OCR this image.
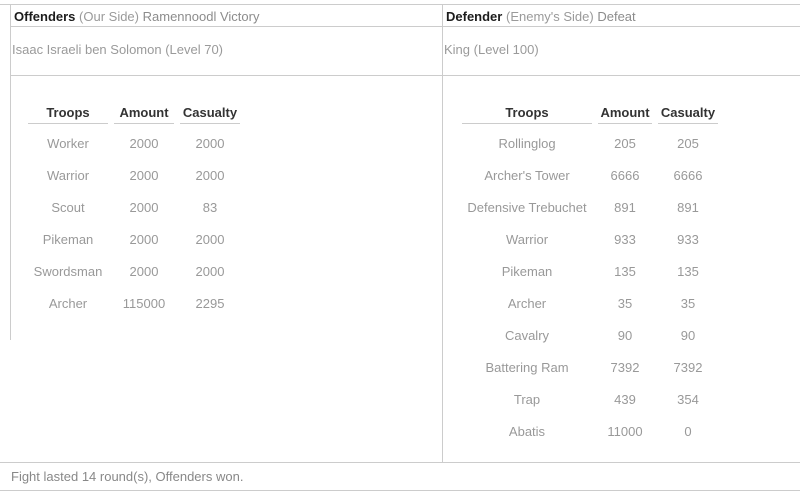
Offenders (Our Side) Ramennoodl Victory
Isaac Israeli ben Solomon (Level 70)
Troops	Amount	Casualty
Worker	2000	2000
Warrior	2000	2000
Scout	2000	83
Pikeman	2000	2000
Swordsman	2000	2000
Archer	115000	2295
Defender (Enemy's Side) Defeat
King (Level 100)
Troops	Amount	Casualty
Rollinglog	205	205
Archer's Tower	6666	6666
Defensive Trebuchet	891	891
Warrior	933	933
Pikeman	135	135
Archer	35	35
Cavalry	90	90
Battering Ram	7392	7392
Trap	439	354
Abatis	11000	0
Fight lasted 14 round(s), Offenders won.
